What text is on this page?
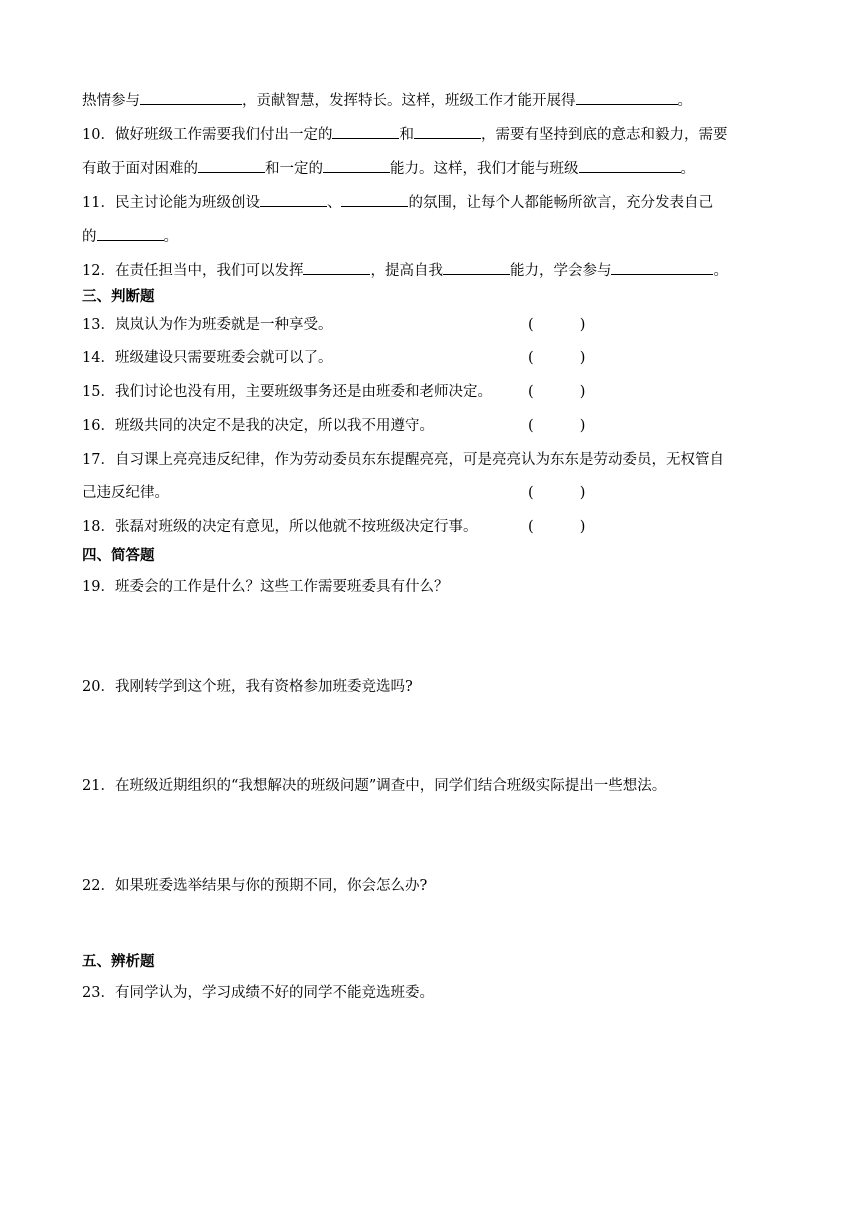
热情参与	，贡献智慧，发挥特长。这样，班级工作才能开展得	。
10．做好班级工作需要我们付出一定的	和	，需要有坚持到底的意志和毅力，需要
有敢于面对困难的	和一定的	能力。这样，我们才能与班级	。
11．民主讨论能为班级创设	、	的氛围，让每个人都能畅所欲言，充分发表自己
的	。
12．在责任担当中，我们可以发挥	，提高自我	能力，学会参与	。
三、判断题
13．岚岚认为作为班委就是一种享受。	(          )
14．班级建设只需要班委会就可以了。	(          )
15．我们讨论也没有用，主要班级事务还是由班委和老师决定。 (          )
16．班级共同的决定不是我的决定，所以我不用遵守。	(          )
17．自习课上亮亮违反纪律，作为劳动委员东东提醒亮亮，可是亮亮认为东东是劳动委员，无权管自
己违反纪律。	(          )
18．张磊对班级的决定有意见，所以他就不按班级决定行事。	(          )
四、简答题
19．班委会的工作是什么？这些工作需要班委具有什么？
20．我刚转学到这个班，我有资格参加班委竞选吗?
21．在班级近期组织的“我想解决的班级问题”调查中，同学们结合班级实际提出一些想法。
22．如果班委选举结果与你的预期不同，你会怎么办?
五、辨析题
23．有同学认为，学习成绩不好的同学不能竞选班委。
